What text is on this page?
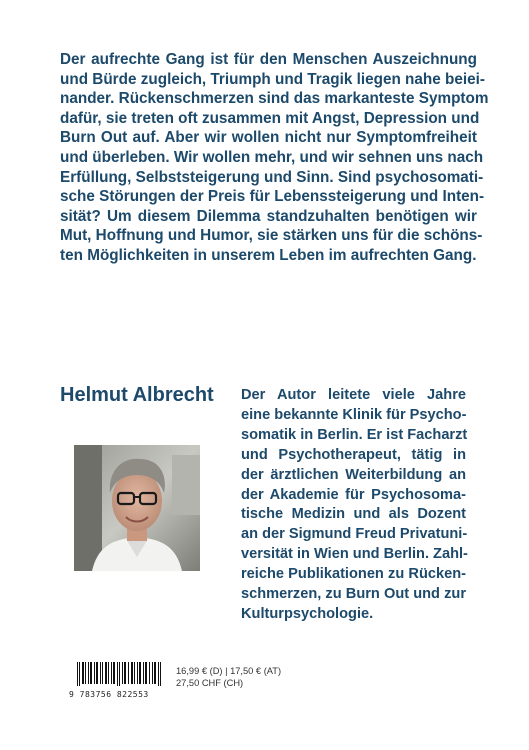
Der aufrechte Gang ist für den Menschen Auszeichnung
und Bürde zugleich, Triumph und Tragik liegen nahe beiei-
nander. Rückenschmerzen sind das markanteste Symptom
dafür, sie treten oft zusammen mit Angst, Depression und
Burn Out auf. Aber wir wollen nicht nur Symptomfreiheit
und überleben. Wir wollen mehr, und wir sehnen uns nach
Erfüllung, Selbststeigerung und Sinn. Sind psychosomati-
sche Störungen der Preis für Lebenssteigerung und Inten-
sität? Um diesem Dilemma standzuhalten benötigen wir
Mut, Hoffnung und Humor, sie stärken uns für die schöns-
ten Möglichkeiten in unserem Leben im aufrechten Gang.
Helmut Albrecht Der Autor leitete viele Jahre
eine bekannte Klinik für Psycho-
somatik in Berlin. Er ist Facharzt
und Psychotherapeut, tätig in
der ärztlichen Weiterbildung an
der Akademie für Psychosoma-
tische Medizin und als Dozent
an der Sigmund Freud Privatuni-
versität in Wien und Berlin. Zahl-
reiche Publikationen zu Rücken-
schmerzen, zu Burn Out und zur
Kulturpsychologie.
9 783756 822553
16,99 € (D) | 17,50 € (AT)
27,50 CHF (CH)
